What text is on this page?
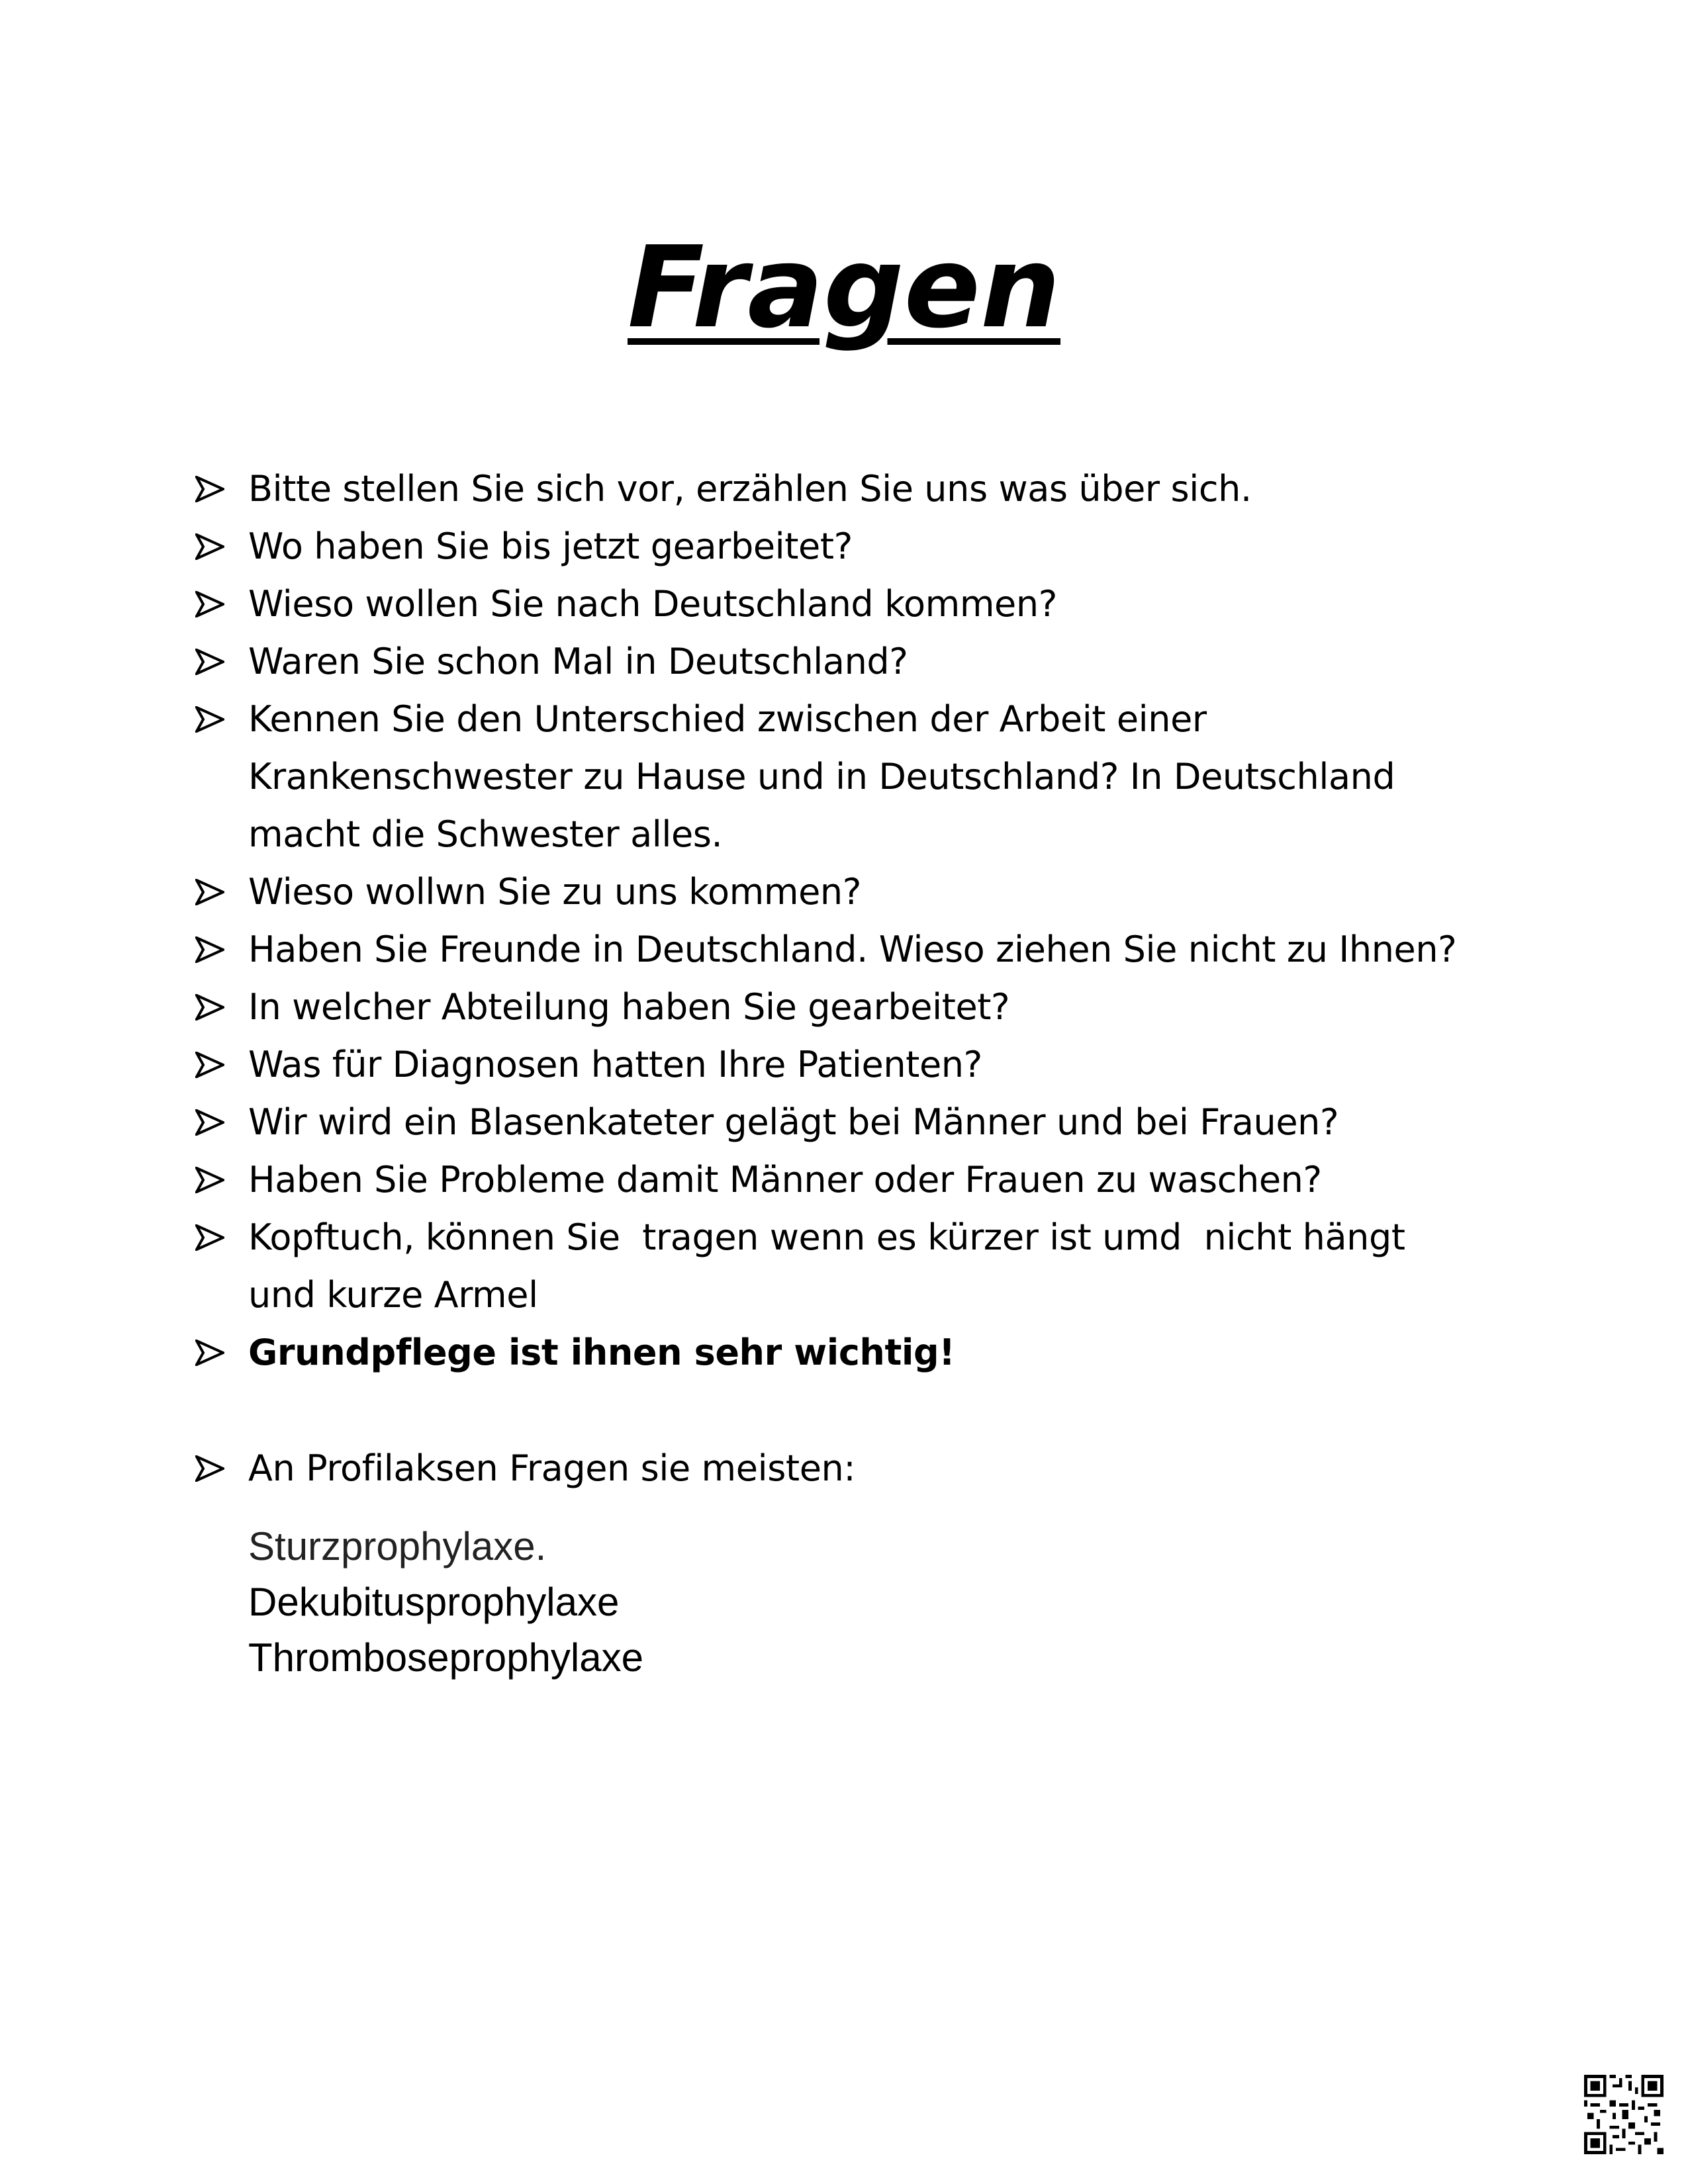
Fragen
Bitte stellen Sie sich vor, erzählen Sie uns was über sich.
Wo haben Sie bis jetzt gearbeitet?
Wieso wollen Sie nach Deutschland kommen?
Waren Sie schon Mal in Deutschland?
Kennen Sie den Unterschied zwischen der Arbeit einer Krankenschwester zu Hause und in Deutschland? In Deutschland macht die Schwester alles.
Wieso wollwn Sie zu uns kommen?
Haben Sie Freunde in Deutschland. Wieso ziehen Sie nicht zu Ihnen?
In welcher Abteilung haben Sie gearbeitet?
Was für Diagnosen hatten Ihre Patienten?
Wir wird ein Blasenkateter gelägt bei Männer und bei Frauen?
Haben Sie Probleme damit Männer oder Frauen zu waschen?
Kopftuch, können Sie  tragen wenn es kürzer ist umd  nicht hängt und kurze Armel
Grundpflege ist ihnen sehr wichtig!
An Profilaksen Fragen sie meisten:
Sturzprophylaxe.
Dekubitusprophylaxe
Thromboseprophylaxe
